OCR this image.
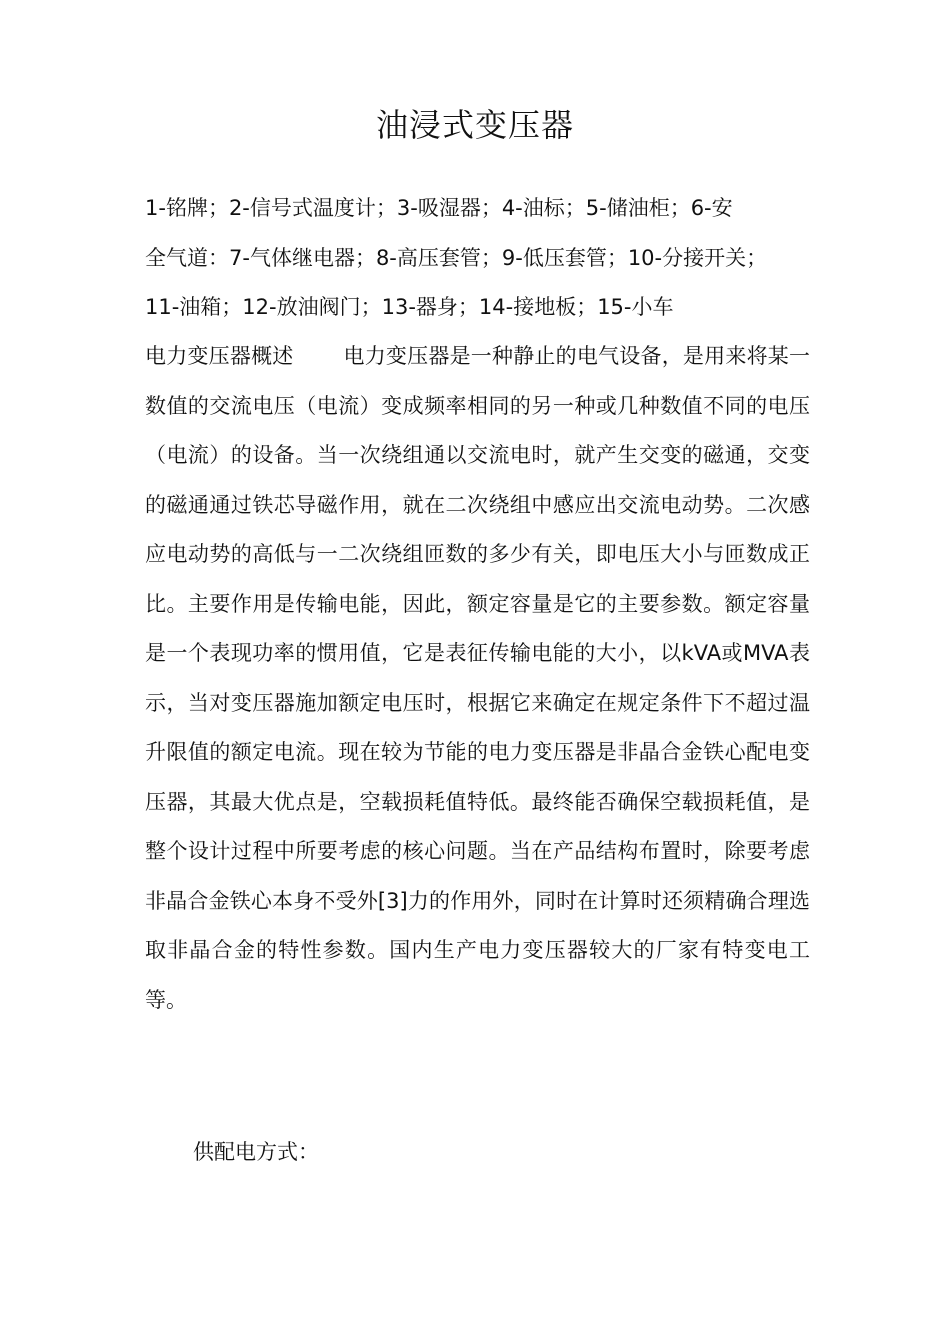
油浸式变压器
1-铭牌；2-信号式温度计；3-吸湿器；4-油标；5-储油柜；6-安
全气道：7-气体继电器；8-高压套管；9-低压套管；10-分接开关；
11-油箱；12-放油阀门；13-器身；14-接地板；15-小车
电力变压器概述 电力变压器是一种静止的电气设备，是用来将某一数值的交流电压（电流）变成频率相同的另一种或几种数值不同的电压（电流）的设备。当一次绕组通以交流电时，就产生交变的磁通，交变的磁通通过铁芯导磁作用，就在二次绕组中感应出交流电动势。二次感应电动势的高低与一二次绕组匝数的多少有关，即电压大小与匝数成正比。主要作用是传输电能，因此，额定容量是它的主要参数。额定容量是一个表现功率的惯用值，它是表征传输电能的大小，以kVA或MVA表示，当对变压器施加额定电压时，根据它来确定在规定条件下不超过温升限值的额定电流。现在较为节能的电力变压器是非晶合金铁心配电变压器，其最大优点是，空载损耗值特低。最终能否确保空载损耗值，是整个设计过程中所要考虑的核心问题。当在产品结构布置时，除要考虑非晶合金铁心本身不受外[3]力的作用外，同时在计算时还须精确合理选取非晶合金的特性参数。国内生产电力变压器较大的厂家有特变电工等。
供配电方式：
